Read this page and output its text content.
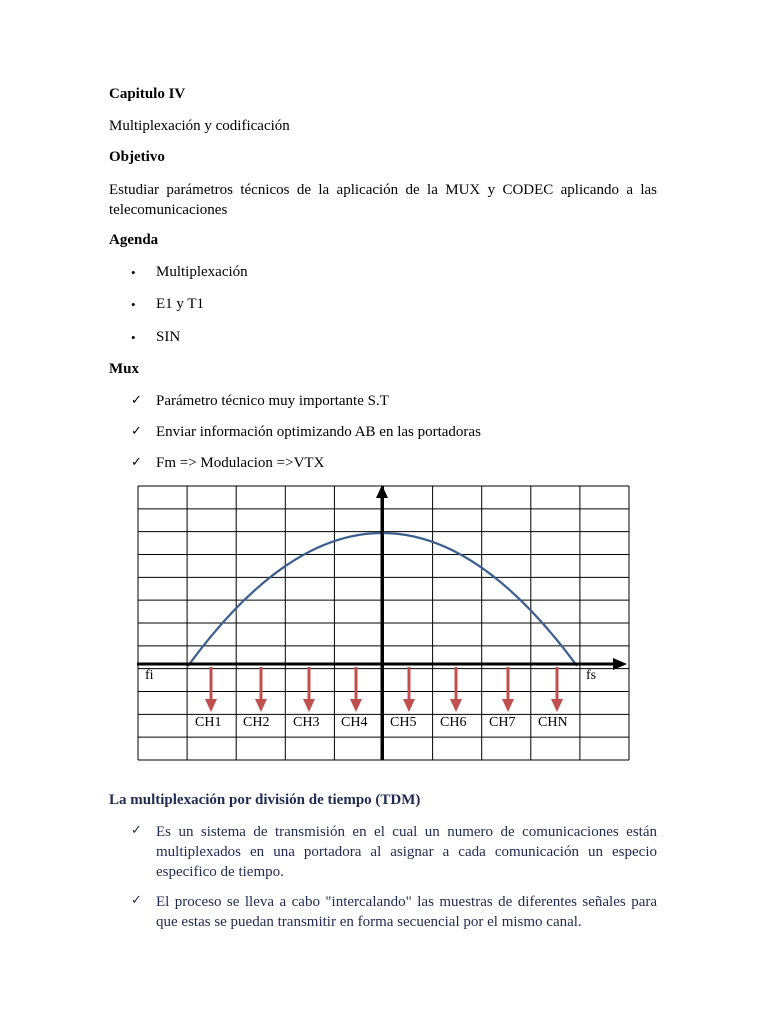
Capitulo IV
Multiplexación y codificación
Objetivo
Estudiar parámetros técnicos de la aplicación de la MUX y CODEC aplicando a las
telecomunicaciones
Agenda
• Multiplexación
• E1 y T1
• SIN
Mux
✓ Parámetro técnico muy importante S.T
✓ Enviar información optimizando AB en las portadoras
✓ Fm => Modulacion =>VTX
fi	fs
CH1 CH2 CH3 CH4 CH5 CH6 CH7 CHN
La multiplexación por división de tiempo (TDM)
✓ Es un sistema de transmisión en el cual un numero de comunicaciones están
multiplexados en una portadora al asignar a cada comunicación un especio
especifico de tiempo.
✓ El proceso se lleva a cabo "intercalando" las muestras de diferentes señales para
que estas se puedan transmitir en forma secuencial por el mismo canal.
